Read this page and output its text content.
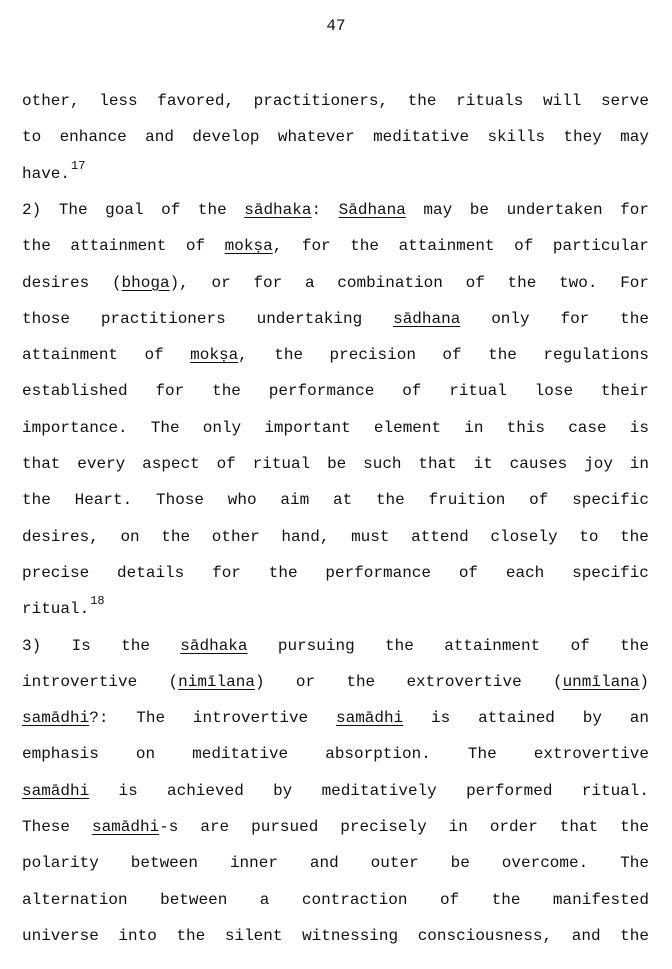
47
other, less favored, practitioners, the rituals will serve
to enhance and develop whatever meditative skills they may
have.$^{17}$
2) The goal of the sādhaka: Sādhana may be undertaken for
the attainment of mokṣa, for the attainment of particular
desires (bhoga), or for a combination of the two. For
those practitioners undertaking sādhana only for the
attainment of mokṣa, the precision of the regulations
established for the performance of ritual lose their
importance. The only important element in this case is
that every aspect of ritual be such that it causes joy in
the Heart. Those who aim at the fruition of specific
desires, on the other hand, must attend closely to the
precise details for the performance of each specific
ritual.$^{18}$
3) Is the sādhaka pursuing the attainment of the
introvertive (nimīlana) or the extrovertive (unmīlana)
samādhi?: The introvertive samādhi is attained by an
emphasis on meditative absorption. The extrovertive
samādhi is achieved by meditatively performed ritual.
These samādhi-s are pursued precisely in order that the
polarity between inner and outer be overcome. The
alternation between a contraction of the manifested
universe into the silent witnessing consciousness, and the
